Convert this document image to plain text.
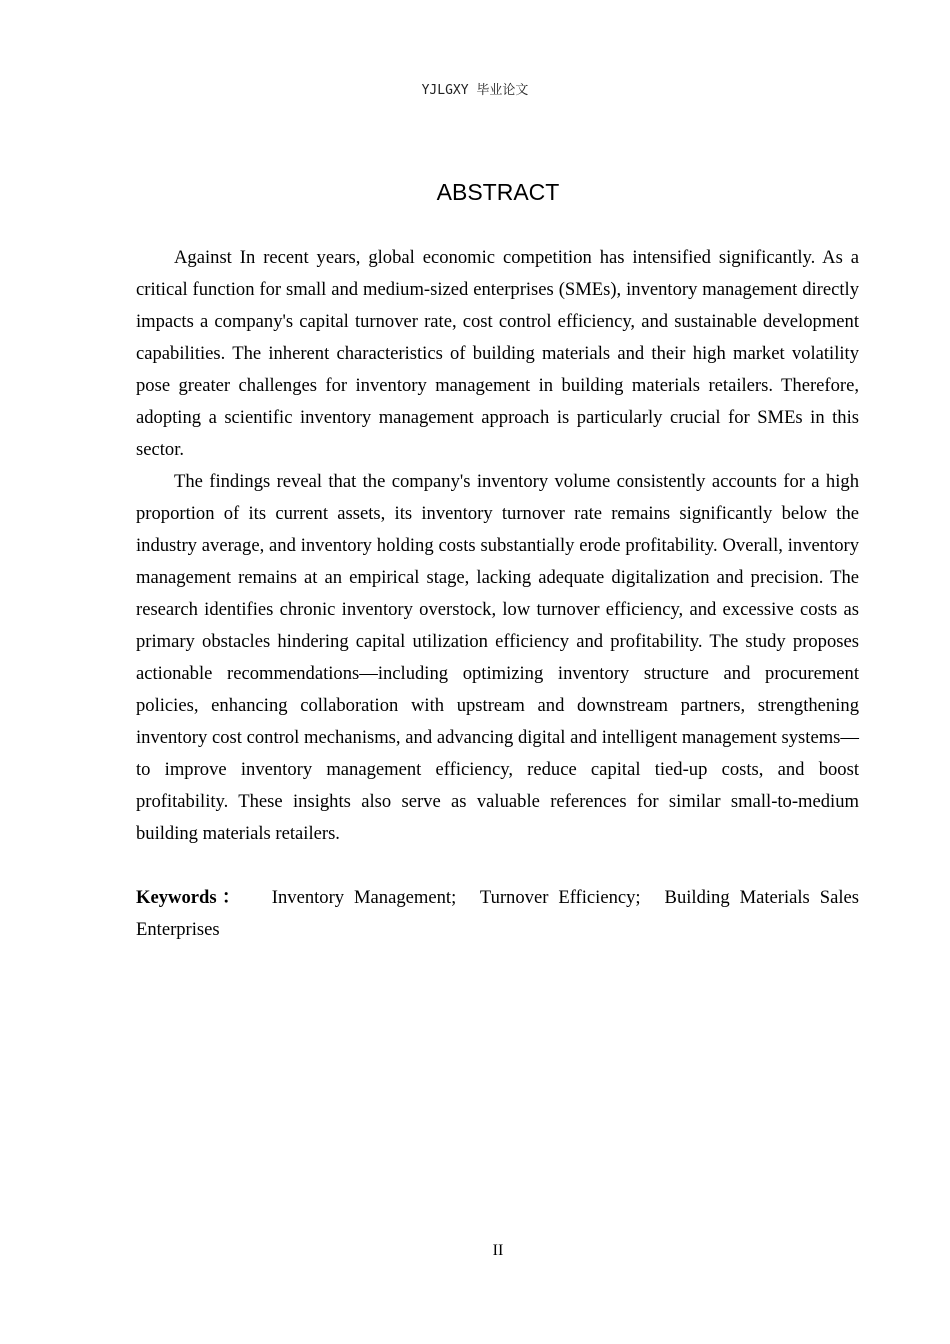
YJLGXY 毕业论文
ABSTRACT

Against In recent years, global economic competition has intensified significantly. As a critical function for small and medium-sized enterprises (SMEs), inventory management directly impacts a company's capital turnover rate, cost control efficiency, and sustainable development capabilities. The inherent characteristics of building materials and their high market volatility pose greater challenges for inventory management in building materials retailers. Therefore, adopting a scientific inventory management approach is particularly crucial for SMEs in this sector.

The findings reveal that the company's inventory volume consistently accounts for a high proportion of its current assets, its inventory turnover rate remains significantly below the industry average, and inventory holding costs substantially erode profitability. Overall, inventory management remains at an empirical stage, lacking adequate digitalization and precision. The research identifies chronic inventory overstock, low turnover efficiency, and excessive costs as primary obstacles hindering capital utilization efficiency and profitability. The study proposes actionable recommendations—including optimizing inventory structure and procurement policies, enhancing collaboration with upstream and downstream partners, strengthening inventory cost control mechanisms, and advancing digital and intelligent management systems—to improve inventory management efficiency, reduce capital tied-up costs, and boost profitability. These insights also serve as valuable references for similar small-to-medium building materials retailers.

Keywords： Inventory Management; Turnover Efficiency; Building Materials Sales Enterprises

II
